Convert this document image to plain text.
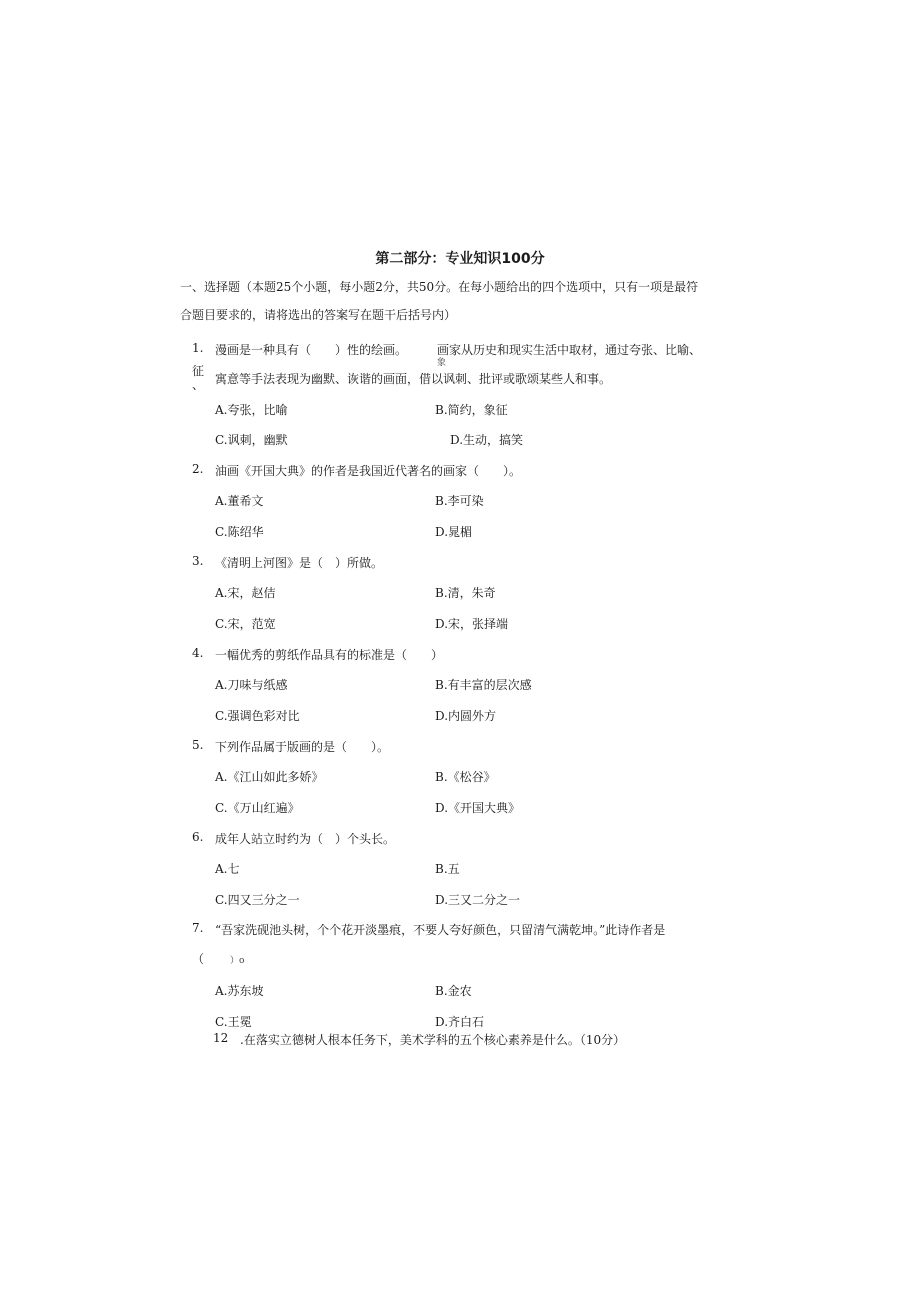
第二部分：专业知识100分
一、选择题（本题25个小题，每小题2分，共50分。在每小题给出的四个选项中，只有一项是最符
合题目要求的，请将选出的答案写在题干后括号内）
1. 漫画是一种具有（　　）性的绘画。 画家从历史和现实生活中取材，通过夸张、比喻、
象
征
、 寓意等手法表现为幽默、诙谐的画面，借以讽刺、批评或歌颂某些人和事。
A.夸张，比喻	B.简约，象征
C.讽刺，幽默	D.生动，搞笑
2. 油画《开国大典》的作者是我国近代著名的画家（　　）。
A.董希文	B.李可染
C.陈绍华	D.晁楣
3. 《清明上河图》是（　）所做。
A.宋，赵佶	B.清，朱奇
C.宋，范宽	D.宋，张择端
4. 一幅优秀的剪纸作品具有的标准是（　　）
A.刀味与纸感	B.有丰富的层次感
C.强调色彩对比	D.内圆外方
5. 下列作品属于版画的是（　　）。
A.《江山如此多娇》	B.《松谷》
C.《万山红遍》	D.《开国大典》
6. 成年人站立时约为（　）个头长。
A.七	B.五
C.四又三分之一	D.三又二分之一
7. “吾家洗砚池头树，个个花开淡墨痕，不要人夸好颜色，只留清气满乾坤。”此诗作者是
（	）o
A.苏东坡	B.金农
C.王冕	D.齐白石
12 .在落实立德树人根本任务下，美术学科的五个核心素养是什么。（10分）
